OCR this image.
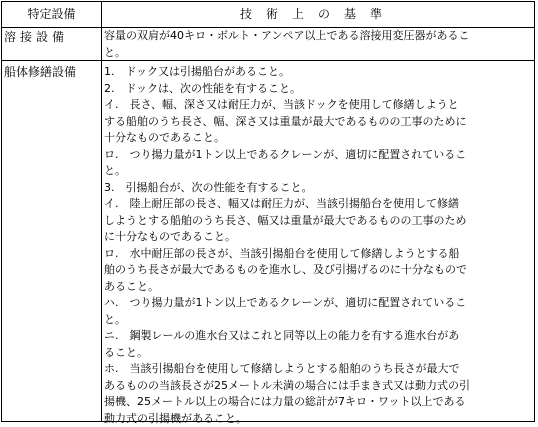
特定設備	技術上の基準
溶接設備	容量の双肩が40キロ・ボルト・アンペア以上である溶接用変圧器があるこ
と。
船体修繕設備	1.　ドック又は引揚船台があること。
2.　ドックは、次の性能を有すること。
イ.　長さ、幅、深さ又は耐圧力が、当該ドックを使用して修繕しようと
する船舶のうち長さ、幅、深さ又は重量が最大であるものの工事のために
十分なものであること。
ロ.　つり揚力量が1トン以上であるクレーンが、適切に配置されているこ
と。
3.　引揚船台が、次の性能を有すること。
イ.　陸上耐圧部の長さ、幅又は耐圧力が、当該引揚船台を使用して修繕
しようとする船舶のうち長さ、幅又は重量が最大であるものの工事のため
に十分なものであること。
ロ.　水中耐圧部の長さが、当該引揚船台を使用して修繕しようとする船
舶のうち長さが最大であるものを進水し、及び引揚げるのに十分なもので
あること。
ハ.　つり揚力量が1トン以上であるクレーンが、適切に配置されているこ
と。
ニ.　鋼製レールの進水台又はこれと同等以上の能力を有する進水台があ
ること。
ホ.　当該引揚船台を使用して修繕しようとする船舶のうち長さが最大で
あるものの当該長さが25メートル未満の場合には手まき式又は動力式の引
揚機、25メートル以上の場合には力量の総計が7キロ・ワット以上である
動力式の引揚機があること。
